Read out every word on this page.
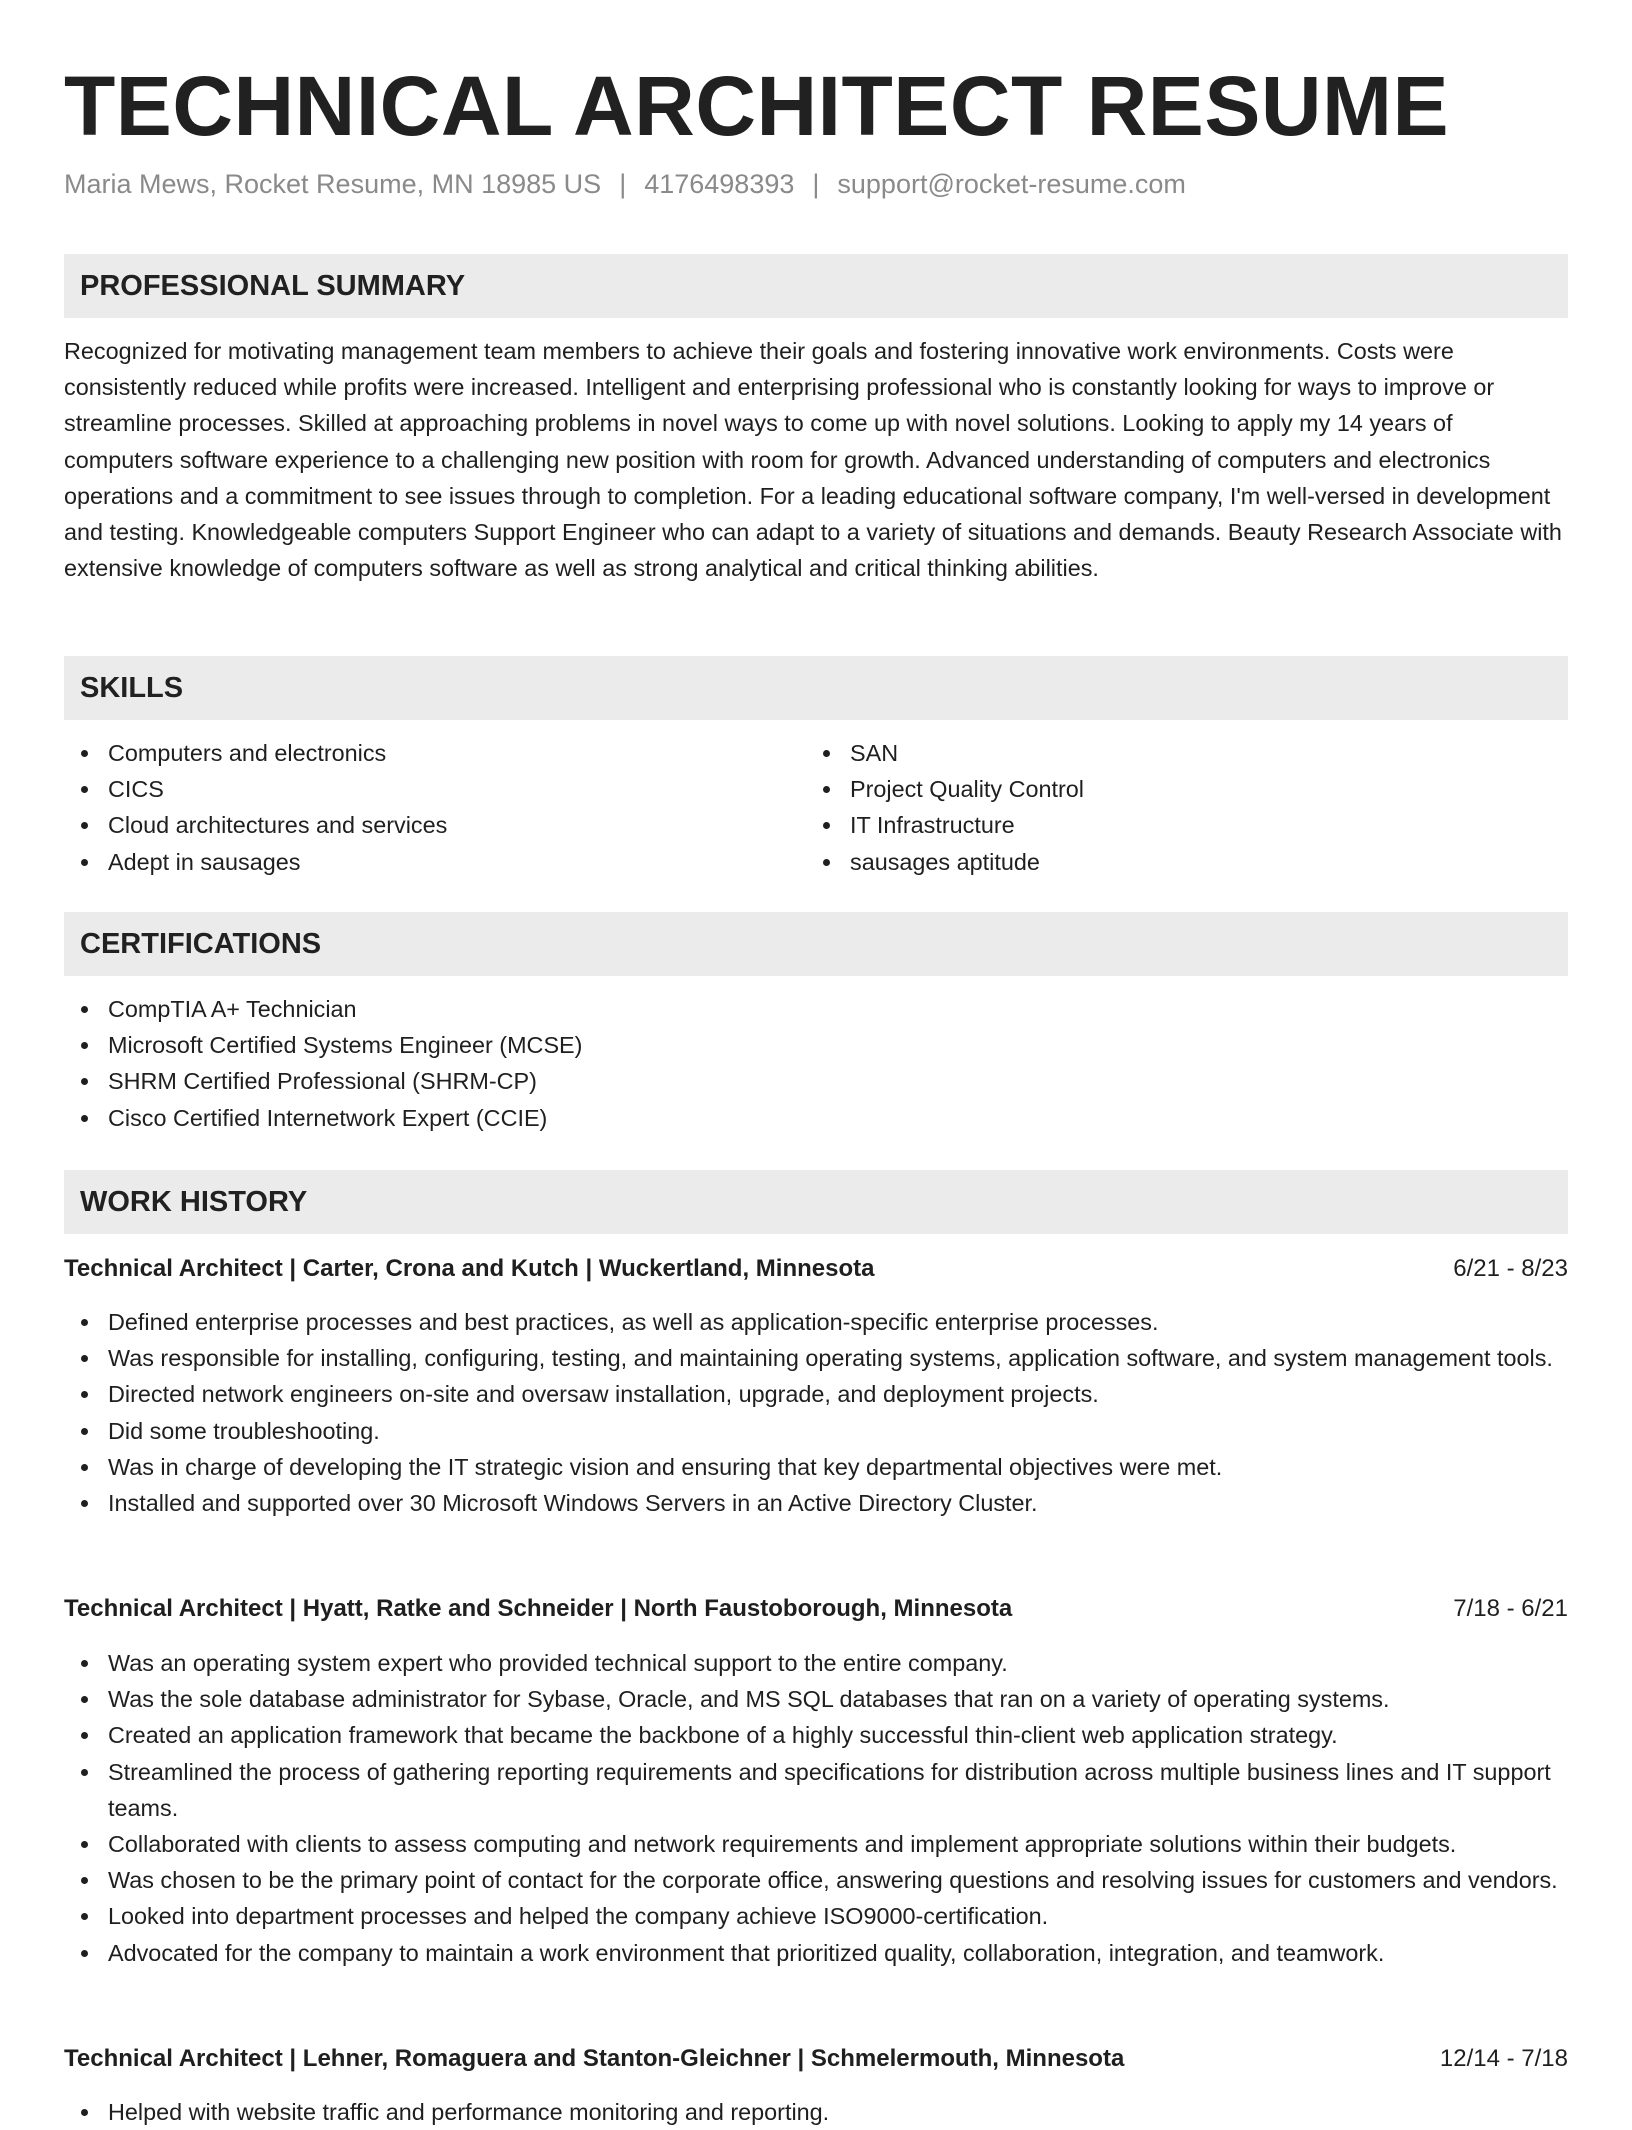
TECHNICAL ARCHITECT RESUME
Maria Mews, Rocket Resume, MN 18985 US | 4176498393 | support@rocket-resume.com
PROFESSIONAL SUMMARY

Recognized for motivating management team members to achieve their goals and fostering innovative work environments. Costs were consistently reduced while profits were increased. Intelligent and enterprising professional who is constantly looking for ways to improve or streamline processes. Skilled at approaching problems in novel ways to come up with novel solutions. Looking to apply my 14 years of computers software experience to a challenging new position with room for growth. Advanced understanding of computers and electronics operations and a commitment to see issues through to completion. For a leading educational software company, I'm well-versed in development and testing. Knowledgeable computers Support Engineer who can adapt to a variety of situations and demands. Beauty Research Associate with extensive knowledge of computers software as well as strong analytical and critical thinking abilities.

SKILLS
Computers and electronics
CICS
Cloud architectures and services
Adept in sausages
SAN
Project Quality Control
IT Infrastructure
sausages aptitude
CERTIFICATIONS
CompTIA A+ Technician
Microsoft Certified Systems Engineer (MCSE)
SHRM Certified Professional (SHRM-CP)
Cisco Certified Internetwork Expert (CCIE)
WORK HISTORY
Technical Architect | Carter, Crona and Kutch | Wuckertland, Minnesota	6/21 - 8/23
Defined enterprise processes and best practices, as well as application-specific enterprise processes.
Was responsible for installing, configuring, testing, and maintaining operating systems, application software, and system management tools.
Directed network engineers on-site and oversaw installation, upgrade, and deployment projects.
Did some troubleshooting.
Was in charge of developing the IT strategic vision and ensuring that key departmental objectives were met.
Installed and supported over 30 Microsoft Windows Servers in an Active Directory Cluster.
Technical Architect | Hyatt, Ratke and Schneider | North Faustoborough, Minnesota	7/18 - 6/21
Was an operating system expert who provided technical support to the entire company.
Was the sole database administrator for Sybase, Oracle, and MS SQL databases that ran on a variety of operating systems.
Created an application framework that became the backbone of a highly successful thin-client web application strategy.
Streamlined the process of gathering reporting requirements and specifications for distribution across multiple business lines and IT support teams.
Collaborated with clients to assess computing and network requirements and implement appropriate solutions within their budgets.
Was chosen to be the primary point of contact for the corporate office, answering questions and resolving issues for customers and vendors.
Looked into department processes and helped the company achieve ISO9000-certification.
Advocated for the company to maintain a work environment that prioritized quality, collaboration, integration, and teamwork.
Technical Architect | Lehner, Romaguera and Stanton-Gleichner | Schmelermouth, Minnesota	12/14 - 7/18
Helped with website traffic and performance monitoring and reporting.
